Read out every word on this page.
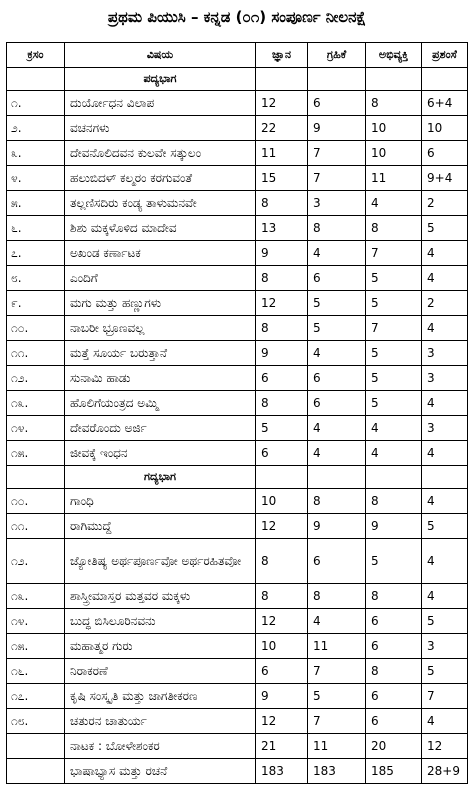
ಪ್ರಥಮ ಪಿಯುಸಿ – ಕನ್ನಡ (೦೧) ಸಂಪೂರ್ಣ ನೀಲನಕ್ಷೆ
ಕ್ರಸಂ	ವಿಷಯ	ಜ್ಞಾನ	ಗ್ರಹಿಕೆ	ಅಭಿವ್ಯಕ್ತಿ	ಪ್ರಶಂಸೆ
	ಪದ್ಯಭಾಗ				
೧.	ದುರ್ಯೋಧನ ವಿಲಾಪ	12	6	8	6+4
೨.	ವಚನಗಳು	22	9	10	10
೩.	ದೇವನೊಲಿದವನ ಕುಲವೇ ಸತ್ಕುಲಂ	11	7	10	6
೪.	ಹಲುಬಿದಳ್ ಕಲ್ಮರಂ ಕರಗುವಂತೆ	15	7	11	9+4
೫.	ತಲ್ಲಣಿಸದಿರು ಕಂಡ್ಯ ತಾಳುಮನವೇ	8	3	4	2
೬.	ಶಿಶು ಮಕ್ಕಳೊಳಿದ ಮಾದೇವ	13	8	8	5
೭.	ಅಖಂಡ ಕರ್ಣಾಟಕ	9	4	7	4
೮.	ಎಂದಿಗೆ	8	6	5	4
೯.	ಮಗು ಮತ್ತು ಹಣ್ಣುಗಳು	12	5	5	2
೧೦.	ನಾಬರೀ ಭ್ರೂಣವಲ್ಲ	8	5	7	4
೧೧.	ಮತ್ತೆ ಸೂರ್ಯ ಬರುತ್ತಾನೆ	9	4	5	3
೧೨.	ಸುನಾಮಿ ಹಾಡು	6	6	5	3
೧೩.	ಹೊಲಿಗೆಯಂತ್ರದ ಅಮ್ಮಿ	8	6	5	4
೧೪.	ದೇವರೊಂದು ಅರ್ಜಿ	5	4	4	3
೧೫.	ಜೀವಕ್ಕೆ ಇಂಧನ	6	4	4	4
	ಗದ್ಯಭಾಗ				
೧೦.	ಗಾಂಧಿ	10	8	8	4
೧೧.	ರಾಗಿಮುದ್ದೆ	12	9	9	5
೧೨.	ಜ್ಯೋತಿಷ್ಯ ಅರ್ಥಪೂರ್ಣವೋ ಅರ್ಥರಹಿತವೋ	8	6	5	4
೧೩.	ಶಾಸ್ತ್ರೀಮಾಸ್ತರ ಮತ್ತವರ ಮಕ್ಕಳು	8	8	8	4
೧೪.	ಬುದ್ಧ ಬಿಸಿಲೂರಿನವನು	12	4	6	5
೧೫.	ಮಹಾತ್ಮರ ಗುರು	10	11	6	3
೧೬.	ನಿರಾಕರಣೆ	6	7	8	5
೧೭.	ಕೃಷಿ ಸಂಸ್ಕೃತಿ ಮತ್ತು ಜಾಗತೀಕರಣ	9	5	6	7
೧೮.	ಚತುರನ ಚಾತುರ್ಯ	12	7	6	4
	ನಾಟಕ : ಬೋಳೇಶಂಕರ	21	11	20	12
	ಭಾಷಾಭ್ಯಾಸ ಮತ್ತು ರಚನೆ	183	183	185	28+9
